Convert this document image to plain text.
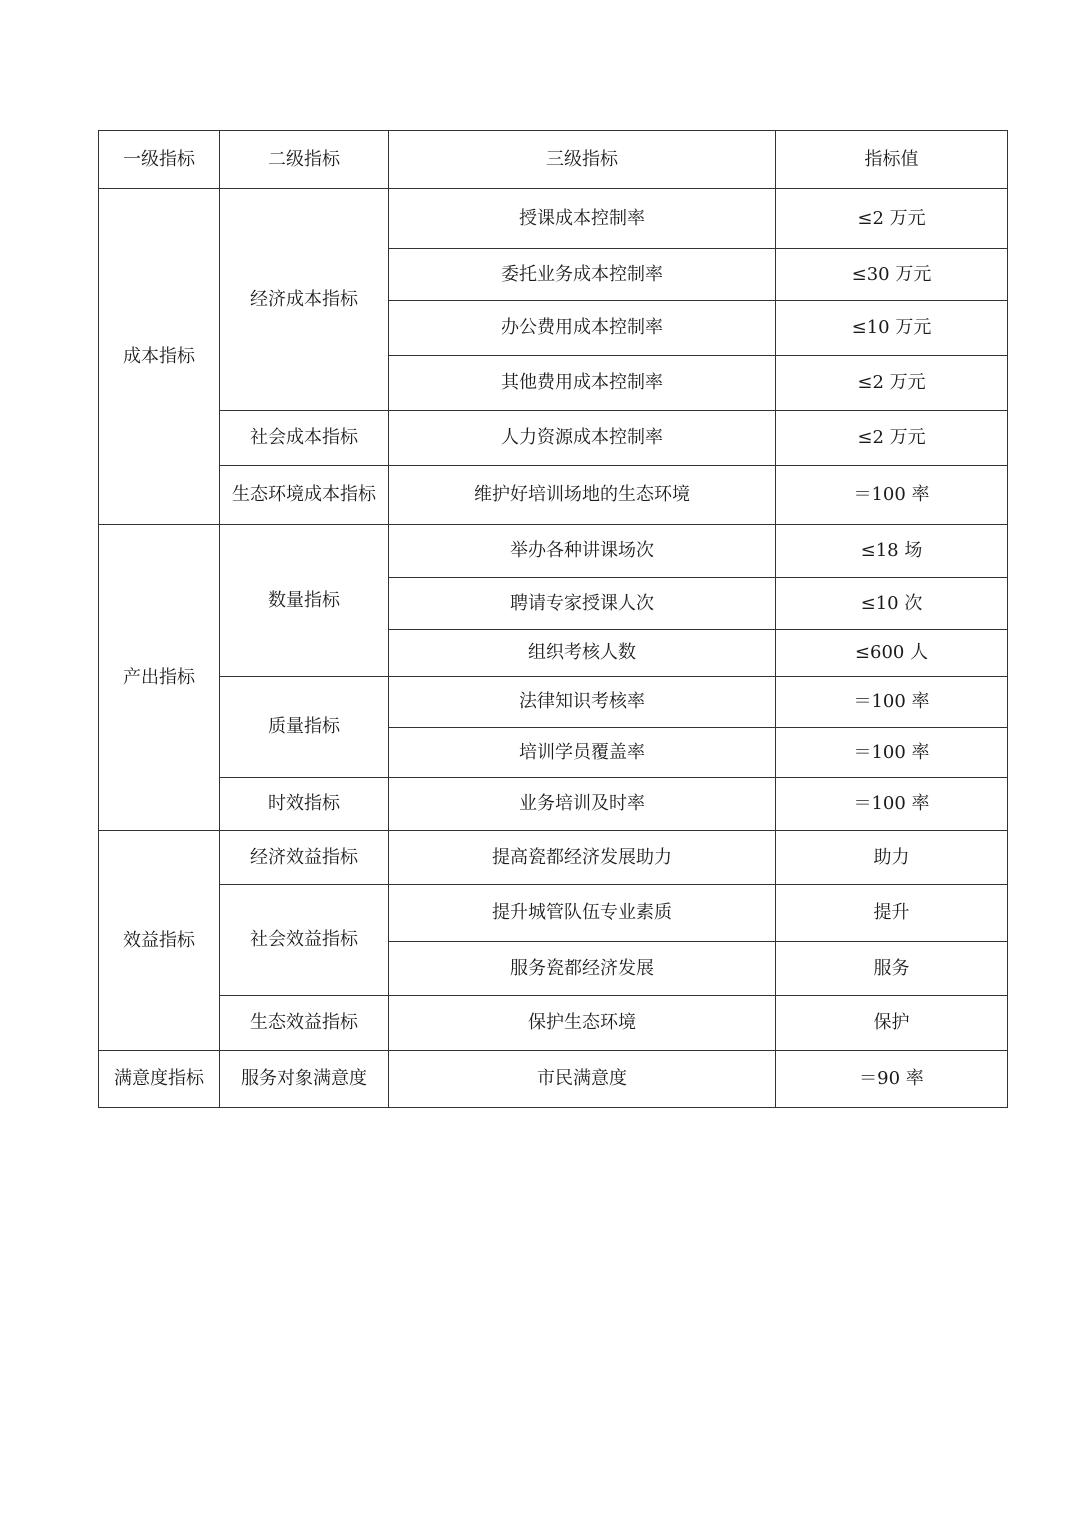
一级指标	二级指标	三级指标	指标值
成本指标	经济成本指标	授课成本控制率	≤2 万元
		委托业务成本控制率	≤30 万元
		办公费用成本控制率	≤10 万元
		其他费用成本控制率	≤2 万元
	社会成本指标	人力资源成本控制率	≤2 万元
	生态环境成本指标	维护好培训场地的生态环境	＝100 率
产出指标	数量指标	举办各种讲课场次	≤18 场
		聘请专家授课人次	≤10 次
		组织考核人数	≤600 人
	质量指标	法律知识考核率	＝100 率
		培训学员覆盖率	＝100 率
	时效指标	业务培训及时率	＝100 率
效益指标	经济效益指标	提高瓷都经济发展助力	助力
	社会效益指标	提升城管队伍专业素质	提升
		服务瓷都经济发展	服务
	生态效益指标	保护生态环境	保护
满意度指标	服务对象满意度	市民满意度	＝90 率
